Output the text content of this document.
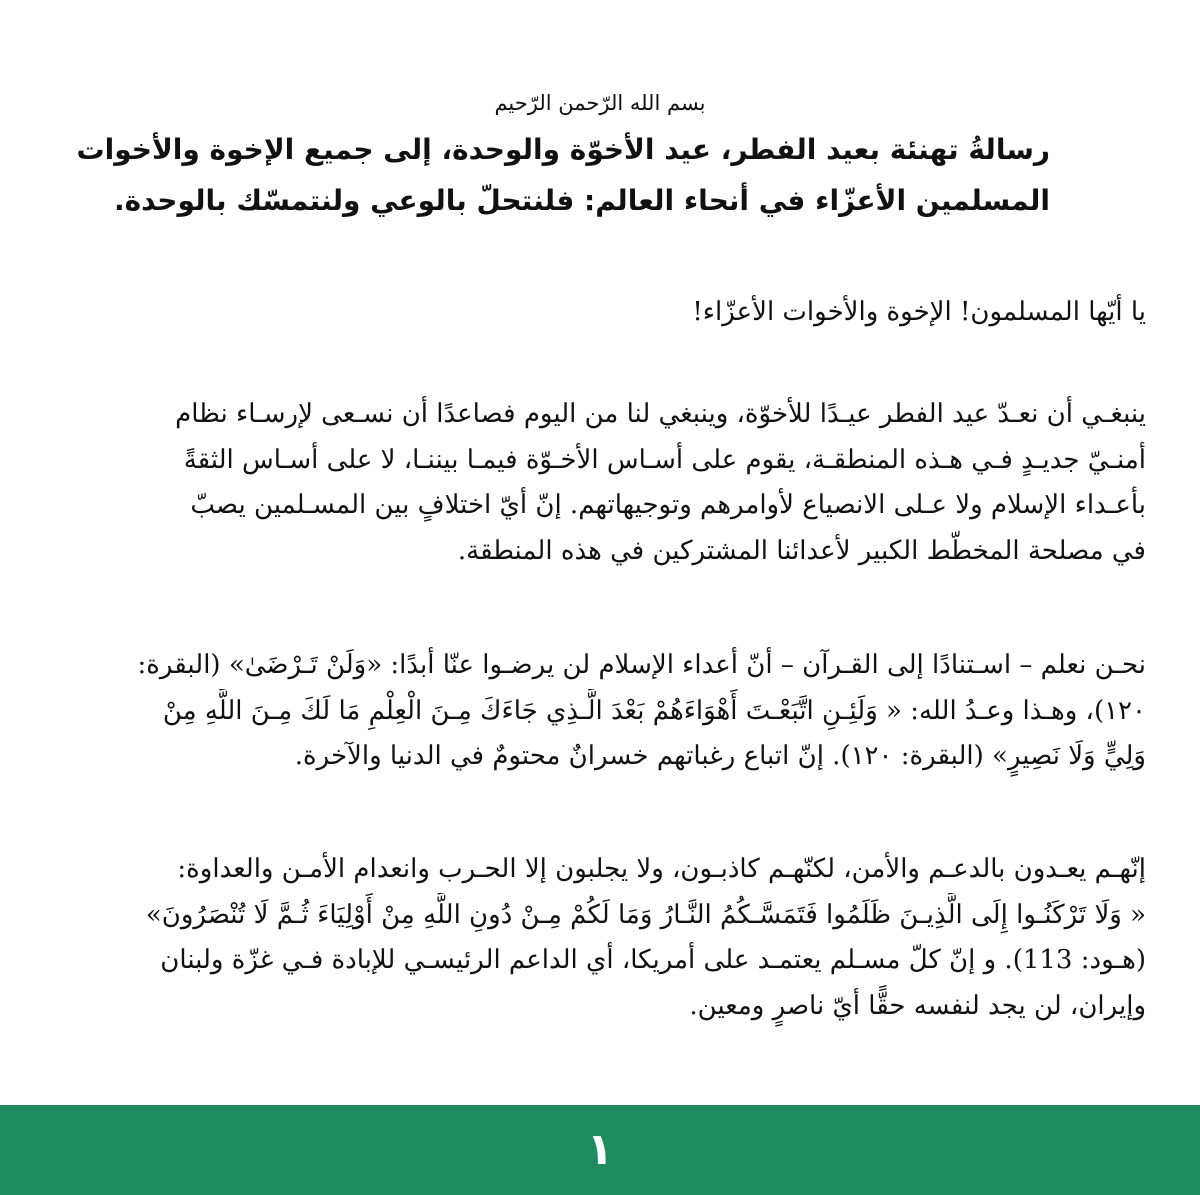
بسم الله الرّحمن الرّحيم
رسالةُ تهنئة بعيد الفطر، عيد الأخوّة والوحدة، إلى جميع الإخوة والأخوات
المسلمين الأعزّاء في أنحاء العالم: فلنتحلّ بالوعي ولنتمسّك بالوحدة.
يا أيّها المسلمون! الإخوة والأخوات الأعزّاء!
ينبغـي أن نعـدّ عيد الفطر عيـدًا للأخوّة، وينبغي لنا من اليوم فصاعدًا أن نسـعى لإرسـاء نظام
أمنـيّ جديـدٍ فـي هـذه المنطقـة، يقوم على أسـاس الأخـوّة فيمـا بيننـا، لا على أسـاس الثقةً
بأعـداء الإسلام ولا عـلى الانصياع لأوامرهم وتوجيهاتهم. إنّ أيّ اختلافٍ بين المسـلمين يصبّ
في مصلحة المخطّط الكبير لأعدائنا المشتركين في هذه المنطقة.
نحـن نعلم – اسـتنادًا إلى القـرآن – أنّ أعداء الإسلام لن يرضـوا عنّا أبدًا: «وَلَنْ تَـرْضَىٰ» (البقرة:
١٢٠)، وهـذا وعـدُ الله: « وَلَئِـنِ اتَّبَعْـتَ أَهْوَاءَهُمْ بَعْدَ الَّـذِي جَاءَكَ مِـنَ الْعِلْمِ مَا لَكَ مِـنَ اللَّهِ مِنْ
وَلِيٍّ وَلَا نَصِيرٍ» (البقرة: ١٢٠). إنّ اتباع رغباتهم خسرانٌ محتومٌ في الدنيا والآخرة.
إنّهـم يعـدون بالدعـم والأمن، لكنّهـم كاذبـون، ولا يجلبون إلا الحـرب وانعدام الأمـن والعداوة:
« وَلَا تَرْكَنُـوا إِلَى الَّذِيـنَ ظَلَمُوا فَتَمَسَّـكُمُ النَّـارُ وَمَا لَكُمْ مِـنْ دُونِ اللَّهِ مِنْ أَوْلِيَاءَ ثُـمَّ لَا تُنْصَرُونَ»
(هـود: 113). و إنّ كلّ مسـلم يعتمـد على أمريكا، أي الداعم الرئيسـي للإبادة فـي غزّة ولبنان
وإيران، لن يجد لنفسه حقًّا أيّ ناصرٍ ومعين.
١
